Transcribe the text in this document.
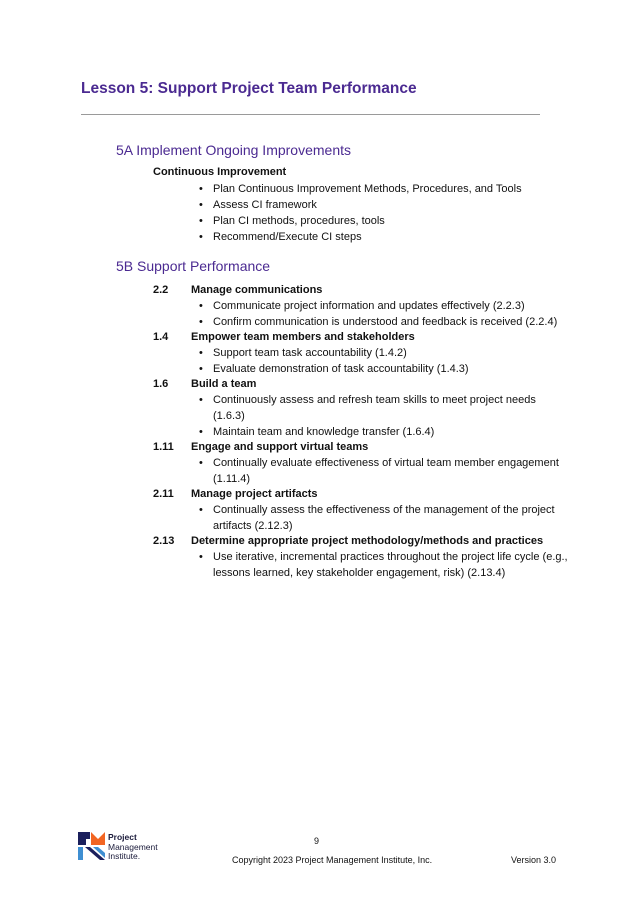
Lesson 5: Support Project Team Performance
5A Implement Ongoing Improvements
Continuous Improvement
• Plan Continuous Improvement Methods, Procedures, and Tools
• Assess CI framework
• Plan CI methods, procedures, tools
• Recommend/Execute CI steps
5B Support Performance
2.2 Manage communications
• Communicate project information and updates effectively (2.2.3)
• Confirm communication is understood and feedback is received (2.2.4)
1.4 Empower team members and stakeholders
• Support team task accountability (1.4.2)
• Evaluate demonstration of task accountability (1.4.3)
1.6 Build a team
• Continuously assess and refresh team skills to meet project needs (1.6.3)
• Maintain team and knowledge transfer (1.6.4)
1.11 Engage and support virtual teams
• Continually evaluate effectiveness of virtual team member engagement (1.11.4)
2.11 Manage project artifacts
• Continually assess the effectiveness of the management of the project artifacts (2.12.3)
2.13 Determine appropriate project methodology/methods and practices
• Use iterative, incremental practices throughout the project life cycle (e.g., lessons learned, key stakeholder engagement, risk) (2.13.4)
Project
Management
Institute.
9
Copyright 2023 Project Management Institute, Inc.	Version 3.0
